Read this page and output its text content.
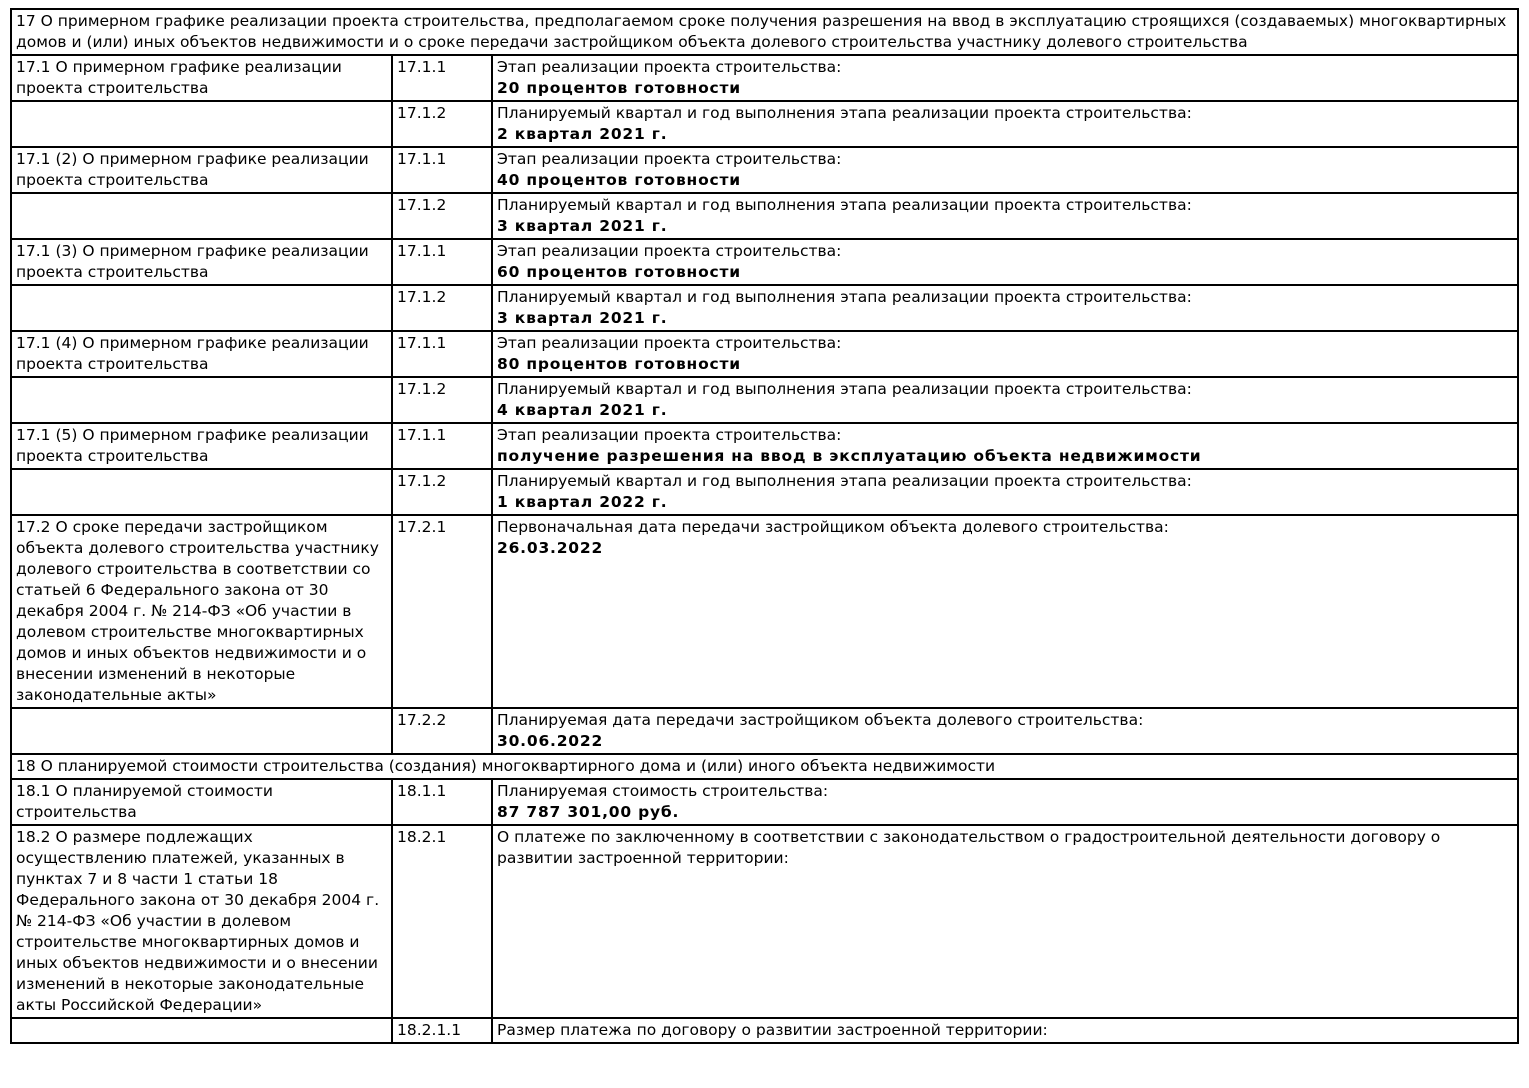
17 О примерном графике реализации проекта строительства, предполагаемом сроке получения разрешения на ввод в эксплуатацию строящихся (создаваемых) многоквартирных домов и (или) иных объектов недвижимости и о сроке передачи застройщиком объекта долевого строительства участнику долевого строительства		
17.1 О примерном графике реализации проекта строительства	17.1.1	Этап реализации проекта строительства:
20 процентов готовности

	17.1.2	Планируемый квартал и год выполнения этапа реализации проекта строительства:
2 квартал 2021 г.

17.1 (2) О примерном графике реализации проекта строительства	17.1.1	Этап реализации проекта строительства:
40 процентов готовности

	17.1.2	Планируемый квартал и год выполнения этапа реализации проекта строительства:
3 квартал 2021 г.

17.1 (3) О примерном графике реализации проекта строительства	17.1.1	Этап реализации проекта строительства:
60 процентов готовности

	17.1.2	Планируемый квартал и год выполнения этапа реализации проекта строительства:
3 квартал 2021 г.

17.1 (4) О примерном графике реализации проекта строительства	17.1.1	Этап реализации проекта строительства:
80 процентов готовности

	17.1.2	Планируемый квартал и год выполнения этапа реализации проекта строительства:
4 квартал 2021 г.

17.1 (5) О примерном графике реализации проекта строительства	17.1.1	Этап реализации проекта строительства:
получение разрешения на ввод в эксплуатацию объекта недвижимости

	17.1.2	Планируемый квартал и год выполнения этапа реализации проекта строительства:
1 квартал 2022 г.

17.2 О сроке передачи застройщиком объекта долевого строительства участнику долевого строительства в соответствии со статьей 6 Федерального закона от 30 декабря 2004 г. № 214-ФЗ «Об участии в долевом строительстве многоквартирных домов и иных объектов недвижимости и о внесении изменений в некоторые законодательные акты»	17.2.1	Первоначальная дата передачи застройщиком объекта долевого строительства:
26.03.2022

	17.2.2	Планируемая дата передачи застройщиком объекта долевого строительства:
30.06.2022

18 О планируемой стоимости строительства (создания) многоквартирного дома и (или) иного объекта недвижимости		
18.1 О планируемой стоимости строительства	18.1.1	Планируемая стоимость строительства:
87 787 301,00 руб.

18.2 О размере подлежащих осуществлению платежей, указанных в пунктах 7 и 8 части 1 статьи 18 Федерального закона от 30 декабря 2004 г. № 214-ФЗ «Об участии в долевом строительстве многоквартирных домов и иных объектов недвижимости и о внесении изменений в некоторые законодательные акты Российской Федерации»	18.2.1	О платеже по заключенному в соответствии с законодательством о градостроительной деятельности договору о развитии застроенной территории:

	18.2.1.1	Размер платежа по договору о развитии застроенной территории:
